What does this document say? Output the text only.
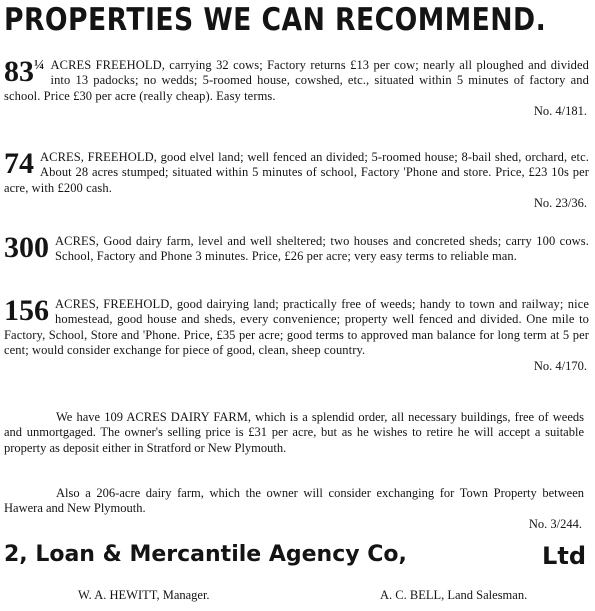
PROPERTIES WE CAN RECOMMEND.
$83^{\frac{1}{4}}$ ACRES FREEHOLD, carrying 32 cows; Factory returns £13 per cow; nearly all ploughed and divided into 13 padocks; no wedds; 5-roomed house, cowshed, etc., situated within 5 minutes of factory and school. Price £30 per acre (really cheap). Easy terms.
No. 4/181.
74 ACRES, FREEHOLD, good elvel land; well fenced an divided; 5-roomed house; 8-bail shed, orchard, etc. About 28 acres stumped; situated within 5 minutes of school, Factory 'Phone and store. Price, £23 10s per acre, with £200 cash.
No. 23/36.
300 ACRES, Good dairy farm, level and well sheltered; two houses and concreted sheds; carry 100 cows. School, Factory and Phone 3 minutes. Price, £26 per acre; very easy terms to reliable man.
156 ACRES, FREEHOLD, good dairying land; practically free of weeds; handy to town and railway; nice homestead, good house and sheds, every convenience; property well fenced and divided. One mile to Factory, School, Store and 'Phone. Price, £35 per acre; good terms to approved man balance for long term at 5 per cent; would consider exchange for piece of good, clean, sheep country.
No. 4/170.
We have 109 ACRES DAIRY FARM, which is a splendid order, all necessary buildings, free of weeds and unmortgaged. The owner's selling price is £31 per acre, but as he wishes to retire he will accept a suitable property as deposit either in Stratford or New Plymouth.
Also a 206-acre dairy farm, which the owner will consider exchanging for Town Property between Hawera and New Plymouth.
No. 3/244.
2, Loan & Mercantile Agency Co,	Ltd
W. A. HEWITT, Manager.	A. C. BELL, Land Salesman.
